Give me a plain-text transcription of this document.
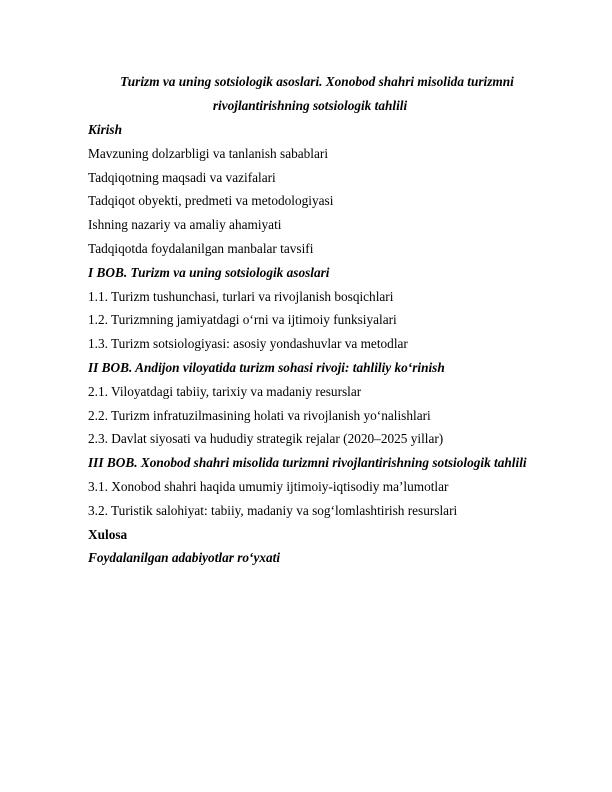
Turizm va uning sotsiologik asoslari. Xonobod shahri misolida turizmni rivojlantirishning sotsiologik tahlili
Kirish
Mavzuning dolzarbligi va tanlanish sabablari
Tadqiqotning maqsadi va vazifalari
Tadqiqot obyekti, predmeti va metodologiyasi
Ishning nazariy va amaliy ahamiyati
Tadqiqotda foydalanilgan manbalar tavsifi
I BOB. Turizm va uning sotsiologik asoslari
1.1. Turizm tushunchasi, turlari va rivojlanish bosqichlari
1.2. Turizmning jamiyatdagi o‘rni va ijtimoiy funksiyalari
1.3. Turizm sotsiologiyasi: asosiy yondashuvlar va metodlar
II BOB. Andijon viloyatida turizm sohasi rivoji: tahliliy ko‘rinish
2.1. Viloyatdagi tabiiy, tarixiy va madaniy resurslar
2.2. Turizm infratuzilmasining holati va rivojlanish yo‘nalishlari
2.3. Davlat siyosati va hududiy strategik rejalar (2020–2025 yillar)
III BOB. Xonobod shahri misolida turizmni rivojlantirishning sotsiologik tahlili
3.1. Xonobod shahri haqida umumiy ijtimoiy-iqtisodiy ma’lumotlar
3.2. Turistik salohiyat: tabiiy, madaniy va sog‘lomlashtirish resurslari
Xulosa
Foydalanilgan adabiyotlar ro‘yxati
